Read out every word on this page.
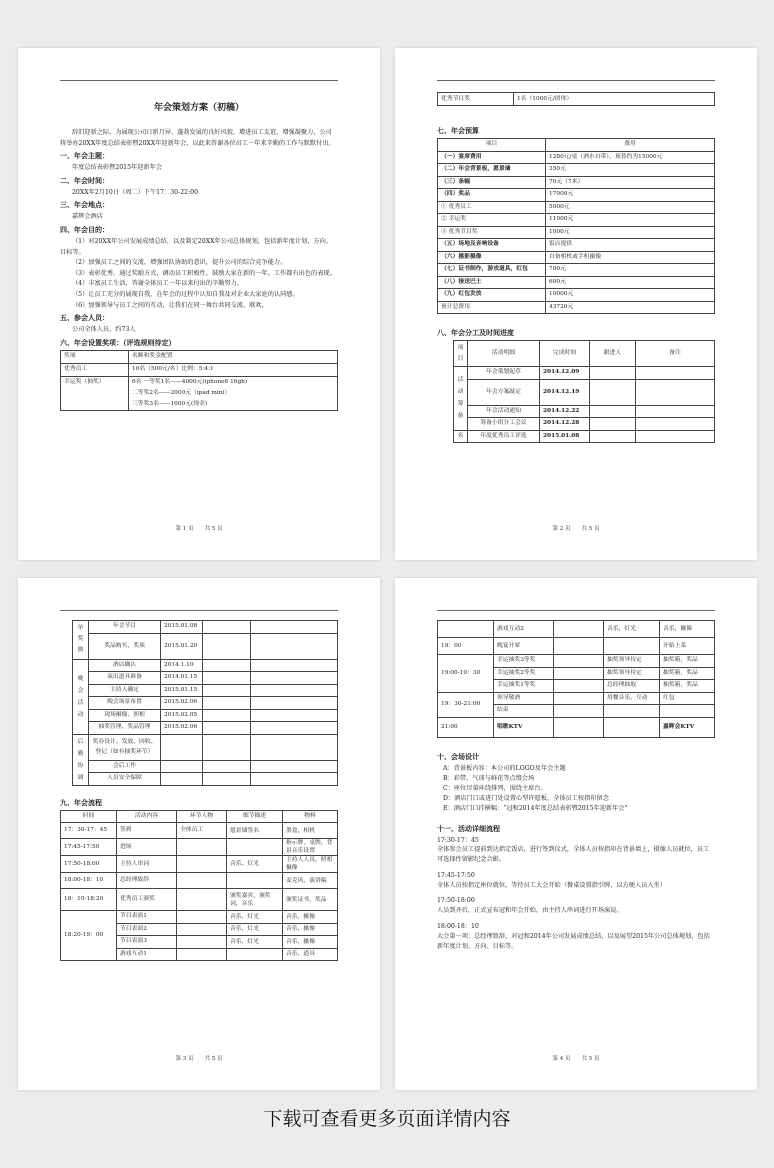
年会策划方案（初稿）
辞旧迎新之际，为展现公司日新月异、蓬勃发展的良好风貌，增进员工友谊、增强凝聚力，公司将举办20XX年度总结表彰暨20XX年迎新年会，以此来答谢各位员工一年来辛勤的工作与默默付出。
一、年会主题：
年度总结表彰暨2015年迎新年会
二、年会时间：
20XX年2月10日（周二）下午17：30-22:00
三、年会地点：
嘉辉会酒店
四、年会目的：
（1）对20XX年公司发展成绩总结，以及制定20XX年公司总体规划，包括新年度计划、方向、目标等。
（2）加强员工之间的交流，增强团队协助的意识，提升公司的综合竞争能力。
（3）表彰优秀，通过奖励方式，调动员工积极性，鼓励大家在新的一年，工作都有出色的表现。
（4）丰富员工生活，答谢全体员工一年以来付出的辛勤努力。
（5）让员工充分的展现自我，在年会的过程中认知自我及对企业大家庭的认同感。
（6）加强领导与员工之间的互动，让我们在同一舞台共同交流、联欢。
五、参会人员：
公司全体人员，约73人
六、年会设置奖项：（评选规则待定）
奖项	名额和奖金配置
优秀员工	10名（500元/名）比例：5:4:1
幸运奖（抽奖）	6名 一等奖1名——4000元(iphone6 16gb)
二等奖2名——2000元（ipad mini）
三等奖3名——1000元(现金)
第 1 页　　共 5 页
优秀节目奖	1名（1000元/团体）
七、年会预算
项目	费用
（一）宴席费用	1280元/桌（酒水自带），预算约为15000元
（二）年会背景板，愿景墙	350元
（三）条幅	70元（7米）
（四）奖品	17000元
① 优秀员工	5000元
② 幸运奖	11000元
③ 优秀节目奖	1000元
（五）场地及音响设备	饭店提供
（六）摄影摄像	自备相机或手机摄像
（七）证书制作，游戏道具，红包	700元
（八）接送巴士	600元
（九）红包发放	10000元
预计总费用	43720元
八、年会分工及时间进度
项目	活动明细	完成时间	跟进人	备注
活动筹备	年会策划起草	2014.12.09		
	年会方案敲定	2014.12.19		
	年会活动通知	2014.12.22		
	筹备小组分工会议	2014.12.28		
名	年度优秀员工评选	2015.01.08		
第 2 页　　共 5 页
单奖励	年会节目	2015.01.08		
	奖品购买、奖项	2015.01.20		
晚会活动	酒店确认	2014.1.10		
	演出道具准备	2014.01.15		
	主持人确定	2015.01.15		
	晚会场景布置	2015.02.06		
	现场摄像、照相	2015.02.05		
	抽奖管理、奖品管理	2015.02.06		
后勤协调	奖券设计、发放、回收、登记（如有抽奖环节）			
	会后工作			
	人员安全保障			
九、年会流程
时间	活动内容	环节人物	细节描述	物料
17：30-17：45	签到	全体员工	愿景墙签名	墨盒，相机
17:45-17:50	进场			指示牌，桌牌，背景音乐设置
17:50-18:00	主持人串词		音乐、灯光	主持人人员，照相摄像
18:00-18：10	总经理致辞			麦克风，演讲稿
18：10-18:20	优秀员工颁奖		颁奖嘉宾，颁奖词，音乐	颁奖证书，奖品
18:20-19：00	节目表演1		音乐，灯光	音乐，摄像
	节目表演2		音乐，灯光	音乐，摄像
	节目表演3		音乐，灯光	音乐，摄像
	游戏互动1			音乐，道具
第 3 页　　共 5 页
	游戏互动2		音乐，灯光	音乐，摄像
19：00	晚宴开席			开始上菜
19:00-19：30	幸运抽奖3等奖		抽奖领导待定	抽奖箱，奖品
	幸运抽奖2等奖		抽奖领导待定	抽奖箱，奖品
	幸运抽奖1等奖		总经理抽取	抽奖箱，奖品
19：30-21:00	领导敬酒		用餐音乐，互动	红包
	结束			
21:00	唱歌KTV			嘉辉会KTV
十、会场设计
A：背景板内容：本公司的LOGO及年会主题
B：彩带、气球与鲜花等点缀会场
C：座位尽量环绕排列，围绕主席台。
D：酒店门口或进门处设置心型许愿板，全体员工按指印留念
E：酒店门口挂横幅：“冠和2014年度总结表彰暨2015年迎新年会”
十一、活动详细流程
17:30-17：45
全体参会员工提前到达指定饭店，进行签到仪式，全体人员按指印在背景墙上，摄像人员就位，员工可选择性留影纪念合影。
17:45-17:50
全体人员按指定座位就位，等待员工大会开始（餐桌设置指引牌，以方便人员入坐）
17:50-18:00
人员到齐后，正式宣布冠和年会开始，由主持人串词进行开场演说。
18:00-18：10
大会第一项：总经理致辞，对冠和2014年公司发展成绩总结，以及展望2015年公司总体规划，包括新年度计划、方向、目标等。
第 4 页　　共 5 页
下载可查看更多页面详情内容
